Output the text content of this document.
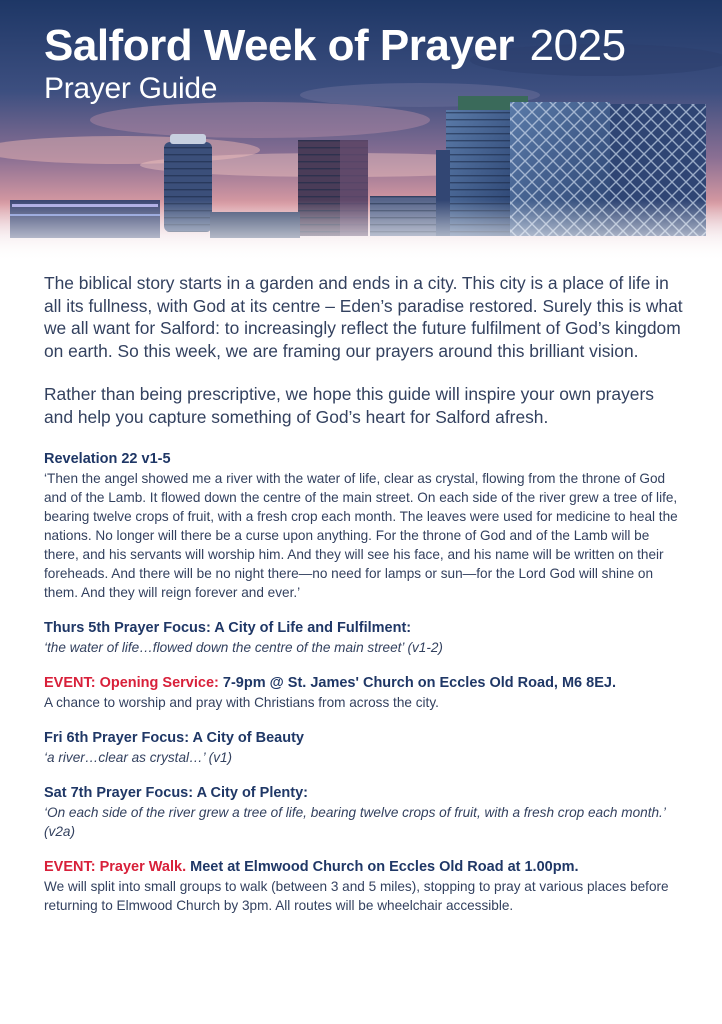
Salford Week of Prayer 2025
Prayer Guide

The biblical story starts in a garden and ends in a city. This city is a place of life in all its fullness, with God at its centre – Eden’s paradise restored. Surely this is what we all want for Salford: to increasingly reflect the future fulfilment of God’s kingdom on earth. So this week, we are framing our prayers around this brilliant vision.

Rather than being prescriptive, we hope this guide will inspire your own prayers and help you capture something of God’s heart for Salford afresh.

Revelation 22 v1-5

‘Then the angel showed me a river with the water of life, clear as crystal, flowing from the throne of God and of the Lamb. It flowed down the centre of the main street. On each side of the river grew a tree of life, bearing twelve crops of fruit, with a fresh crop each month. The leaves were used for medicine to heal the nations. No longer will there be a curse upon anything. For the throne of God and of the Lamb will be there, and his servants will worship him. And they will see his face, and his name will be written on their foreheads. And there will be no night there—no need for lamps or sun—for the Lord God will shine on them. And they will reign forever and ever.’

Thurs 5th Prayer Focus: A City of Life and Fulfilment:
‘the water of life…flowed down the centre of the main street’ (v1-2)
EVENT: Opening Service: 7-9pm @ St. James' Church on Eccles Old Road, M6 8EJ.
A chance to worship and pray with Christians from across the city.
Fri 6th Prayer Focus: A City of Beauty
‘a river…clear as crystal…’ (v1)
Sat 7th Prayer Focus: A City of Plenty:
‘On each side of the river grew a tree of life, bearing twelve crops of fruit, with a fresh crop each month.’ (v2a)
EVENT: Prayer Walk. Meet at Elmwood Church on Eccles Old Road at 1.00pm.
We will split into small groups to walk (between 3 and 5 miles), stopping to pray at various places before returning to Elmwood Church by 3pm. All routes will be wheelchair accessible.
